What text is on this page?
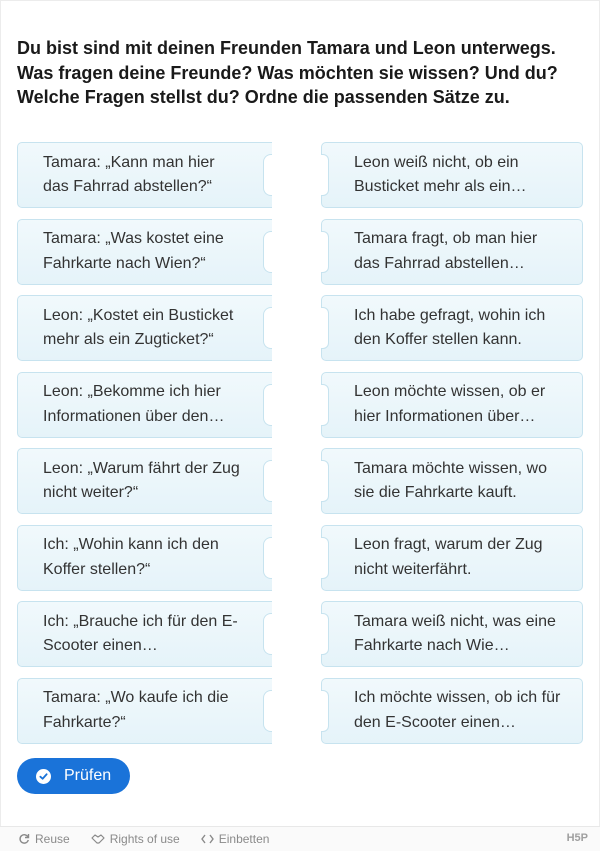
Du bist sind mit deinen Freunden Tamara und Leon unterwegs. Was fragen deine Freunde? Was möchten sie wissen? Und du? Welche Fragen stellst du? Ordne die passenden Sätze zu.
Tamara: „Kann man hier das Fahrrad abstellen?“
Tamara: „Was kostet eine Fahrkarte nach Wien?“
Leon: „Kostet ein Busticket mehr als ein Zugticket?“
Leon: „Bekomme ich hier Informationen über den…
Leon: „Warum fährt der Zug nicht weiter?“
Ich: „Wohin kann ich den Koffer stellen?“
Ich: „Brauche ich für den E-Scooter einen…
Tamara: „Wo kaufe ich die Fahrkarte?“
Leon weiß nicht, ob ein Busticket mehr als ein…
Tamara fragt, ob man hier das Fahrrad abstellen…
Ich habe gefragt, wohin ich den Koffer stellen kann.
Leon möchte wissen, ob er hier Informationen über…
Tamara möchte wissen, wo sie die Fahrkarte kauft.
Leon fragt, warum der Zug nicht weiterfährt.
Tamara weiß nicht, was eine Fahrkarte nach Wie…
Ich möchte wissen, ob ich für den E-Scooter einen…
Prüfen
Reuse	Rights of use	Einbetten	H5P
